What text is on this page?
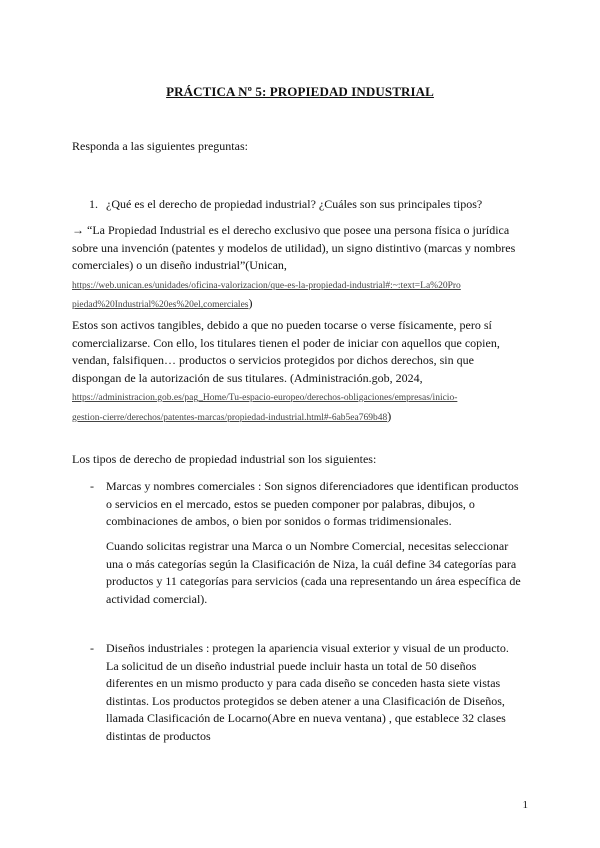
PRÁCTICA Nº 5: PROPIEDAD INDUSTRIAL
Responda a las siguientes preguntas:
1. ¿Qué es el derecho de propiedad industrial? ¿Cuáles son sus principales tipos?
→ “La Propiedad Industrial es el derecho exclusivo que posee una persona física o jurídica
sobre una invención (patentes y modelos de utilidad), un signo distintivo (marcas y nombres
comerciales) o un diseño industrial”(Unican,
https://web.unican.es/unidades/oficina-valorizacion/que-es-la-propiedad-industrial#:~:text=La%20Pro
piedad%20Industrial%20es%20el,comerciales)
Estos son activos tangibles, debido a que no pueden tocarse o verse físicamente, pero sí
comercializarse. Con ello, los titulares tienen el poder de iniciar con aquellos que copien,
vendan, falsifiquen… productos o servicios protegidos por dichos derechos, sin que
dispongan de la autorización de sus titulares. (Administración.gob, 2024,
https://administracion.gob.es/pag_Home/Tu-espacio-europeo/derechos-obligaciones/empresas/inicio-
gestion-cierre/derechos/patentes-marcas/propiedad-industrial.html#-6ab5ea769b48)
Los tipos de derecho de propiedad industrial son los siguientes:
- Marcas y nombres comerciales : Son signos diferenciadores que identifican productos
o servicios en el mercado, estos se pueden componer por palabras, dibujos, o
combinaciones de ambos, o bien por sonidos o formas tridimensionales.
Cuando solicitas registrar una Marca o un Nombre Comercial, necesitas seleccionar
una o más categorías según la Clasificación de Niza, la cuál define 34 categorías para
productos y 11 categorías para servicios (cada una representando un área específica de
actividad comercial).
- Diseños industriales : protegen la apariencia visual exterior y visual de un producto.
La solicitud de un diseño industrial puede incluir hasta un total de 50 diseños
diferentes en un mismo producto y para cada diseño se conceden hasta siete vistas
distintas. Los productos protegidos se deben atener a una Clasificación de Diseños,
llamada Clasificación de Locarno(Abre en nueva ventana) , que establece 32 clases
distintas de productos
1
